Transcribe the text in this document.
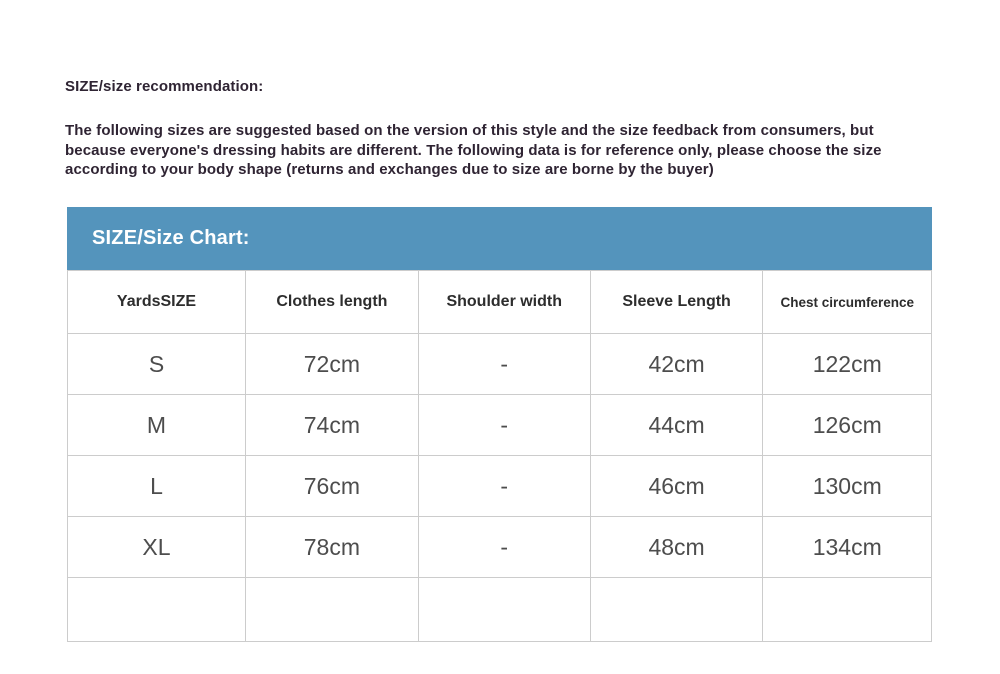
SIZE/size recommendation:

The following sizes are suggested based on the version of this style and the size feedback from consumers, but because everyone's dressing habits are different. The following data is for reference only, please choose the size according to your body shape (returns and exchanges due to size are borne by the buyer)

SIZE/Size Chart:
YardsSIZE	Clothes length	Shoulder width	Sleeve Length	Chest circumference
S	72cm	-	42cm	122cm
M	74cm	-	44cm	126cm
L	76cm	-	46cm	130cm
XL	78cm	-	48cm	134cm
